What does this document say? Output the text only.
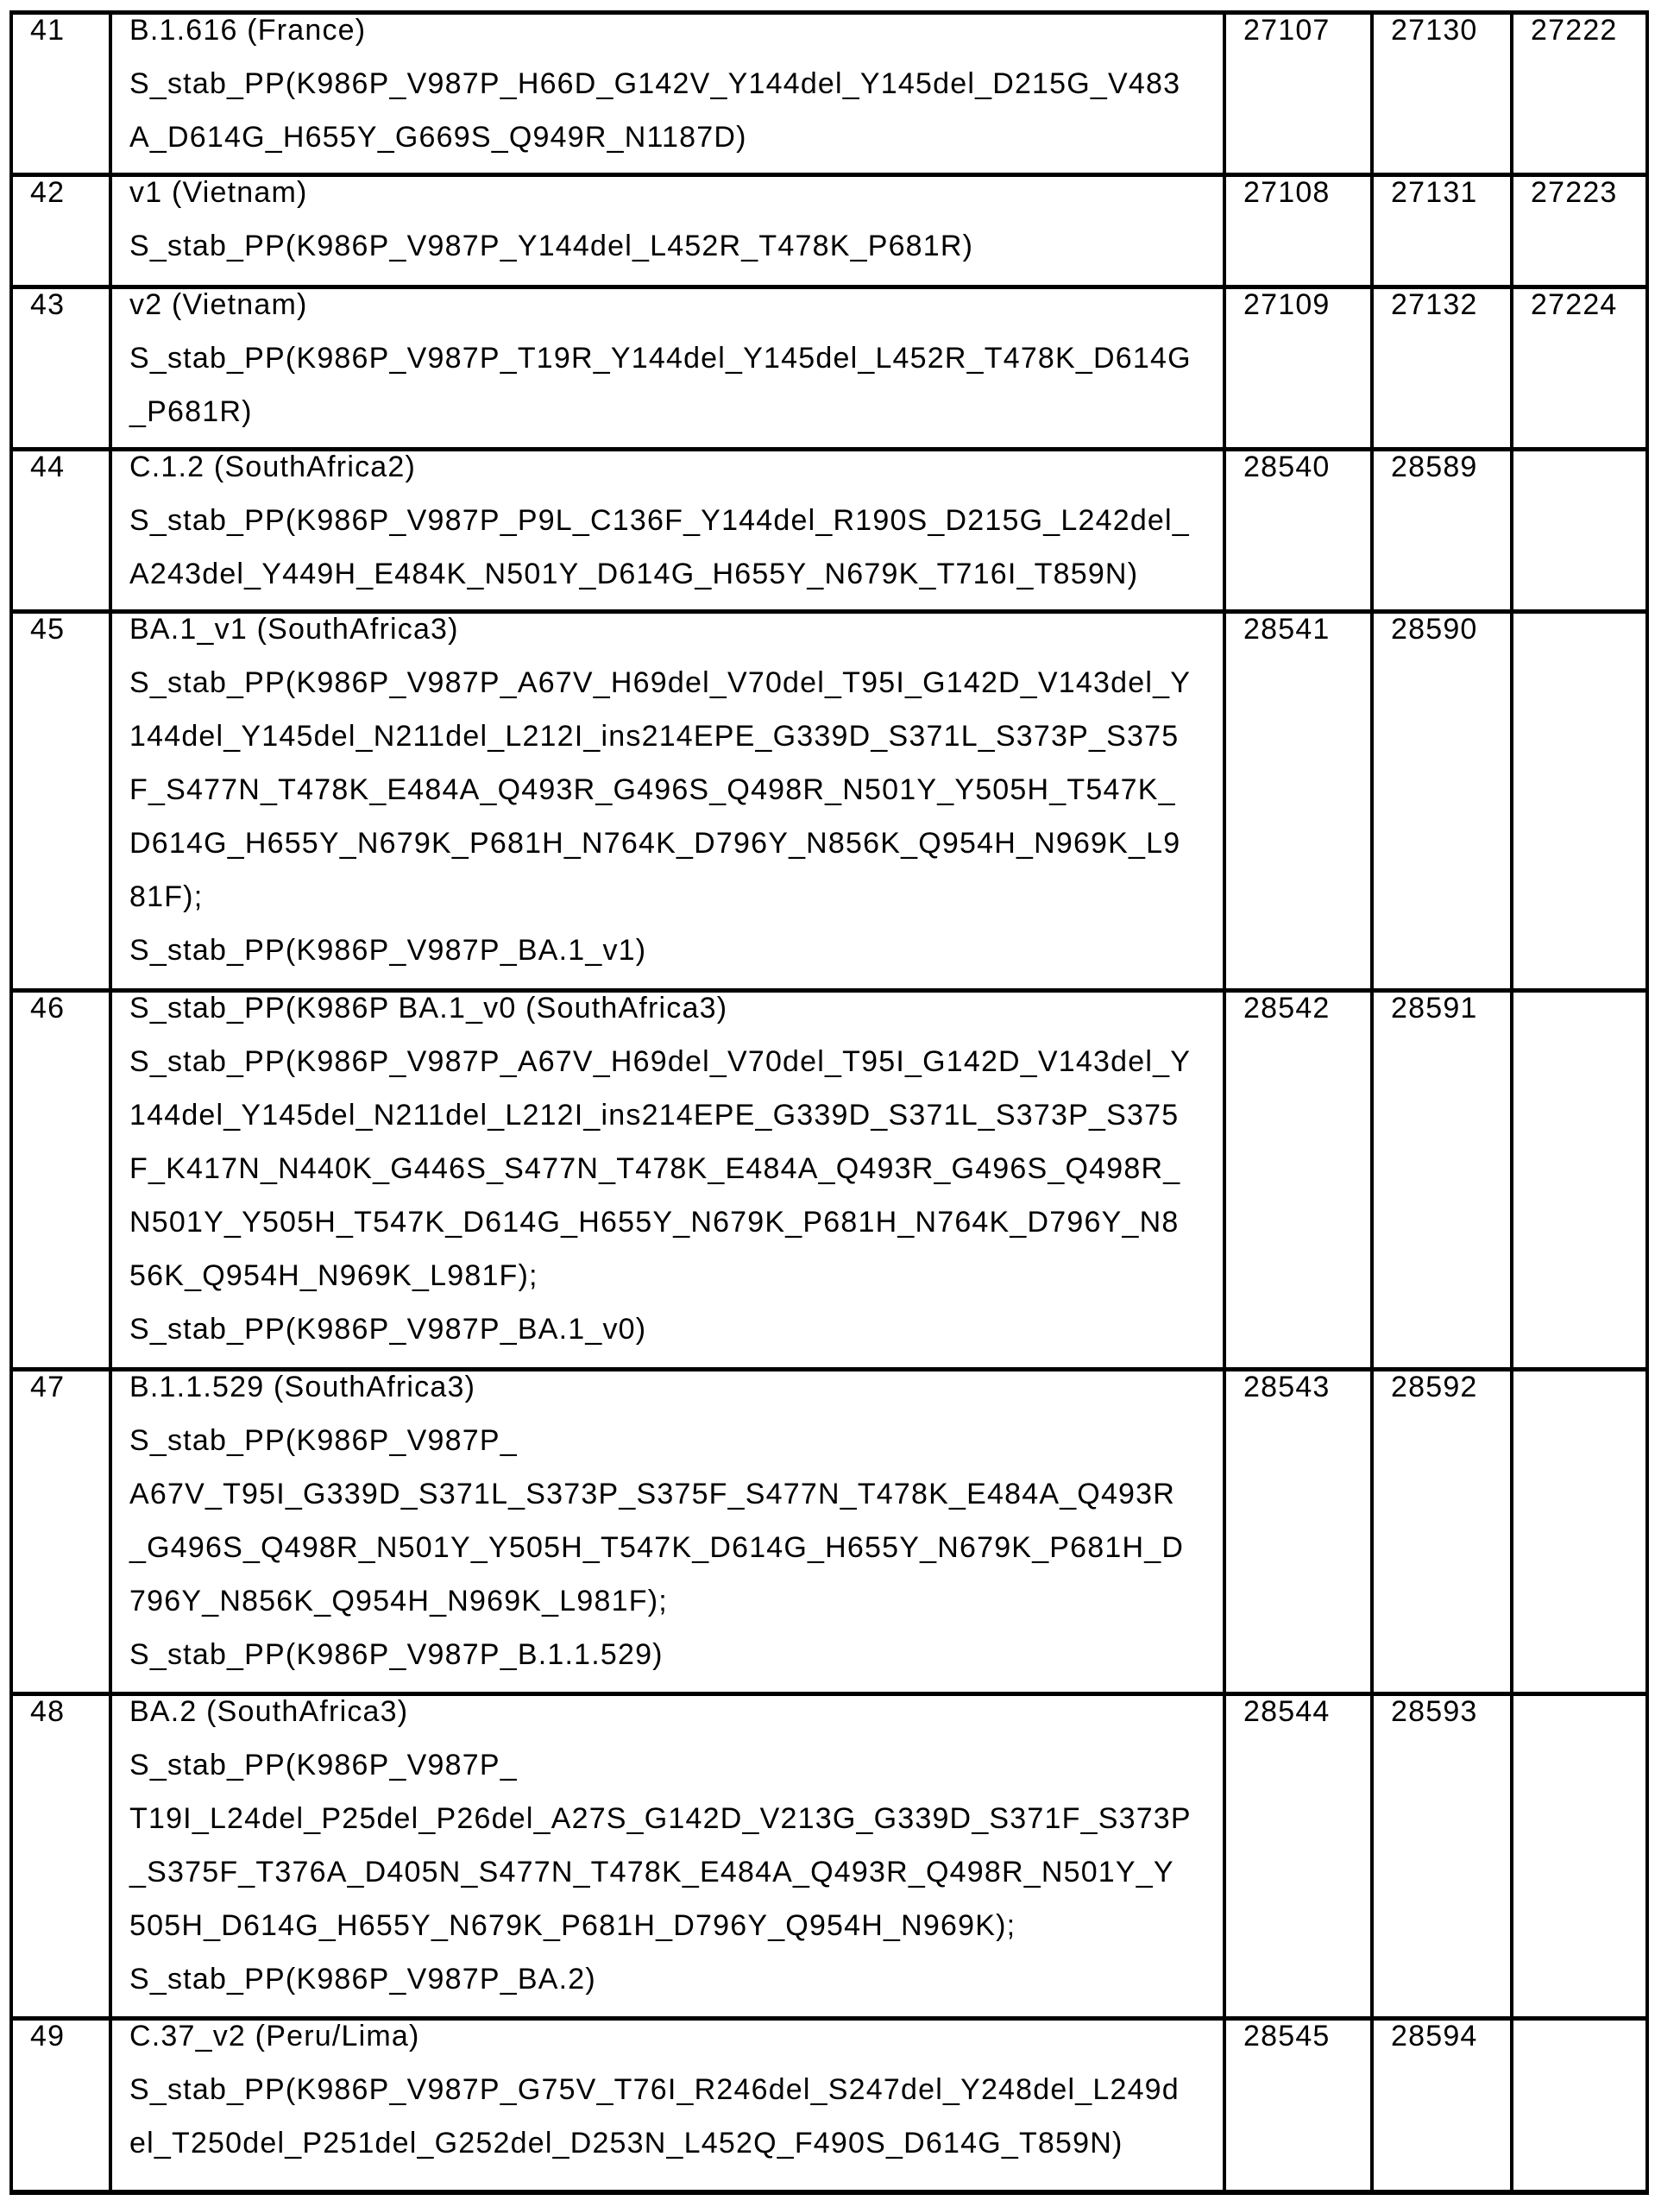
41	B.1.616 (France)
S_stab_PP(K986P_V987P_H66D_G142V_Y144del_Y145del_D215G_V483
A_D614G_H655Y_G669S_Q949R_N1187D)
27107	27130	27222
42	v1 (Vietnam)
S_stab_PP(K986P_V987P_Y144del_L452R_T478K_P681R)
27108	27131	27223
43	v2 (Vietnam)
S_stab_PP(K986P_V987P_T19R_Y144del_Y145del_L452R_T478K_D614G
_P681R)
27109	27132	27224
44	C.1.2 (SouthAfrica2)
S_stab_PP(K986P_V987P_P9L_C136F_Y144del_R190S_D215G_L242del_
A243del_Y449H_E484K_N501Y_D614G_H655Y_N679K_T716I_T859N)
28540	28589
45	BA.1_v1 (SouthAfrica3)
S_stab_PP(K986P_V987P_A67V_H69del_V70del_T95I_G142D_V143del_Y
144del_Y145del_N211del_L212I_ins214EPE_G339D_S371L_S373P_S375
F_S477N_T478K_E484A_Q493R_G496S_Q498R_N501Y_Y505H_T547K_
D614G_H655Y_N679K_P681H_N764K_D796Y_N856K_Q954H_N969K_L9
81F);
S_stab_PP(K986P_V987P_BA.1_v1)
28541	28590
46	S_stab_PP(K986P BA.1_v0 (SouthAfrica3)
S_stab_PP(K986P_V987P_A67V_H69del_V70del_T95I_G142D_V143del_Y
144del_Y145del_N211del_L212I_ins214EPE_G339D_S371L_S373P_S375
F_K417N_N440K_G446S_S477N_T478K_E484A_Q493R_G496S_Q498R_
N501Y_Y505H_T547K_D614G_H655Y_N679K_P681H_N764K_D796Y_N8
56K_Q954H_N969K_L981F);
S_stab_PP(K986P_V987P_BA.1_v0)
28542	28591
47	B.1.1.529 (SouthAfrica3)
S_stab_PP(K986P_V987P_
A67V_T95I_G339D_S371L_S373P_S375F_S477N_T478K_E484A_Q493R
_G496S_Q498R_N501Y_Y505H_T547K_D614G_H655Y_N679K_P681H_D
796Y_N856K_Q954H_N969K_L981F);
S_stab_PP(K986P_V987P_B.1.1.529)
28543	28592
48	BA.2 (SouthAfrica3)
S_stab_PP(K986P_V987P_
T19I_L24del_P25del_P26del_A27S_G142D_V213G_G339D_S371F_S373P
_S375F_T376A_D405N_S477N_T478K_E484A_Q493R_Q498R_N501Y_Y
505H_D614G_H655Y_N679K_P681H_D796Y_Q954H_N969K);
S_stab_PP(K986P_V987P_BA.2)
28544	28593
49	C.37_v2 (Peru/Lima)
S_stab_PP(K986P_V987P_G75V_T76I_R246del_S247del_Y248del_L249d
el_T250del_P251del_G252del_D253N_L452Q_F490S_D614G_T859N)
28545	28594
